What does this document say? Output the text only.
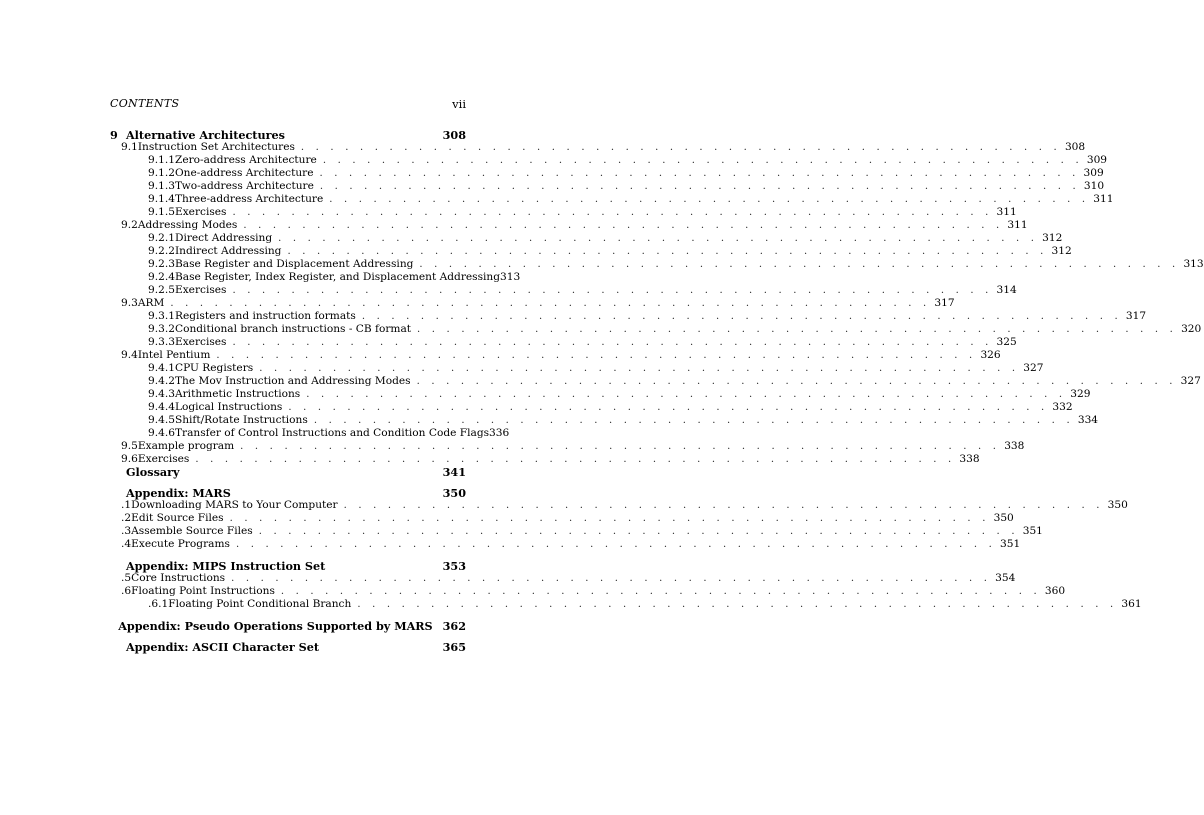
CONTENTS	vii
9 Alternative Architectures	308
9.1 Instruction Set Architectures . . .	308
9.1.1 Zero-address Architecture . . .	309
9.1.2 One-address Architecture . . .	309
9.1.3 Two-address Architecture . . .	310
9.1.4 Three-address Architecture . . .	311
9.1.5 Exercises . . .	311
9.2 Addressing Modes . . .	311
9.2.1 Direct Addressing . . .	312
9.2.2 Indirect Addressing . . .	312
9.2.3 Base Register and Displacement Addressing . . .	313
9.2.4 Base Register, Index Register, and Displacement Addressing 313
9.2.5 Exercises . . .	314
9.3 ARM . . .	317
9.3.1 Registers and instruction formats . . .	317
9.3.2 Conditional branch instructions - CB format . . .	320
9.3.3 Exercises . . .	325
9.4 Intel Pentium . . .	326
9.4.1 CPU Registers . . .	327
9.4.2 The Mov Instruction and Addressing Modes . . .	327
9.4.3 Arithmetic Instructions . . .	329
9.4.4 Logical Instructions . . .	332
9.4.5 Shift/Rotate Instructions . . .	334
9.4.6 Transfer of Control Instructions and Condition Code Flags 336
9.5 Example program . . .	338
9.6 Exercises . . .	338
Glossary	341
Appendix: MARS	350
.1 Downloading MARS to Your Computer . . .	350
.2 Edit Source Files . . .	350
.3 Assemble Source Files . . .	351
.4 Execute Programs . . .	351
Appendix: MIPS Instruction Set	353
.5 Core Instructions . . .	354
.6 Floating Point Instructions . . .	360
.6.1 Floating Point Conditional Branch . . .	361
Appendix: Pseudo Operations Supported by MARS 362
Appendix: ASCII Character Set	365
